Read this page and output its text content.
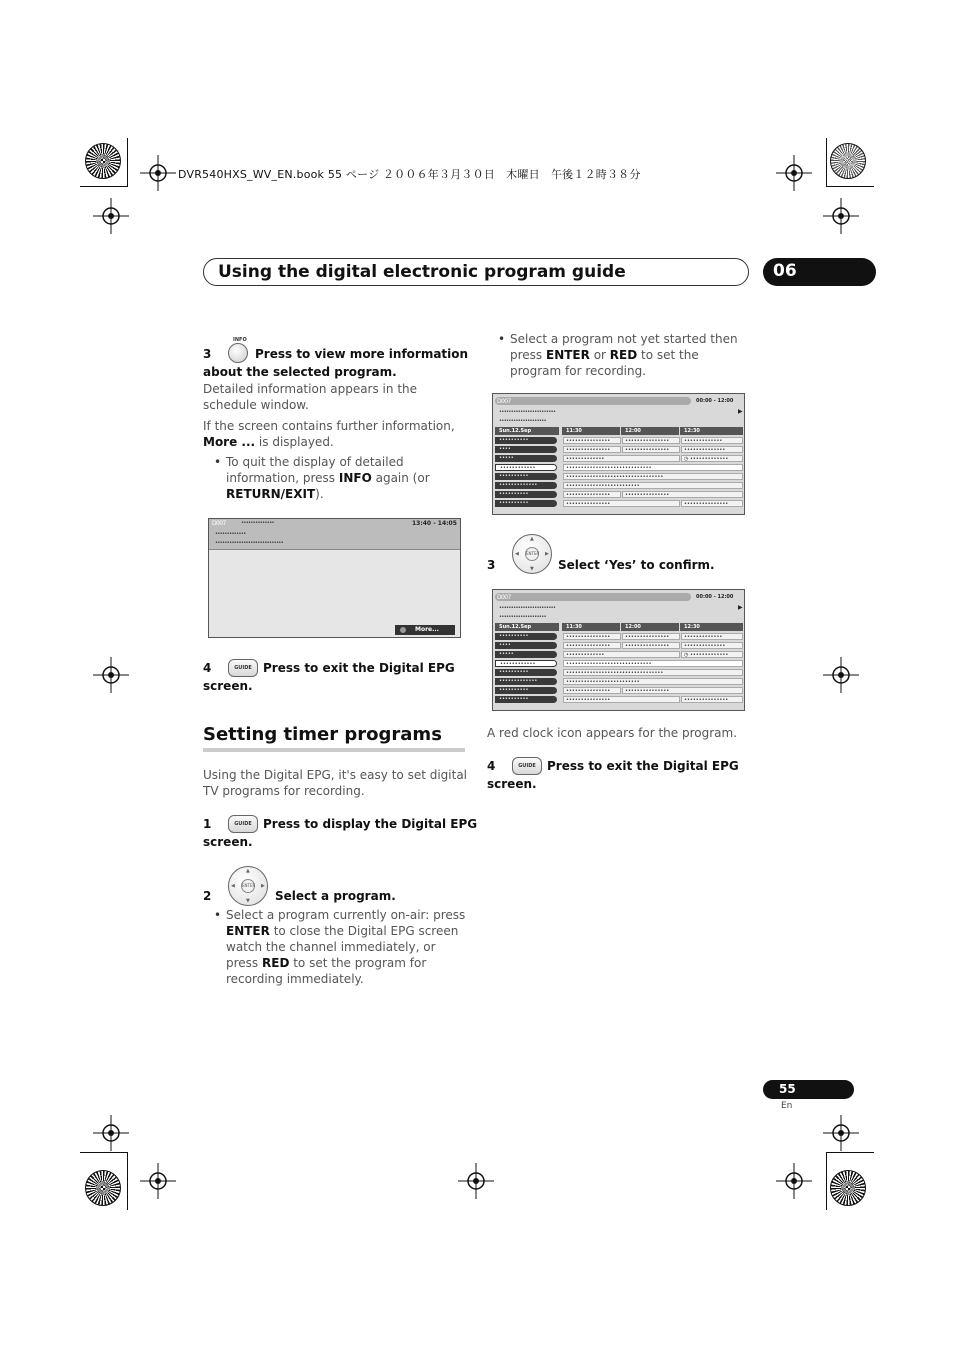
DVR540HXS_WV_EN.book 55 ページ ２００６年３月３０日　木曜日　午後１２時３８分
Using the digital electronic program guide	06
INFO
3	Press to view more information
about the selected program.
Detailed information appears in the schedule window.
If the screen contains further information,
More ... is displayed.
• To quit the display of detailed information, press INFO again (or RETURN/EXIT).
D007	••••••••••••••	13:40 - 14:05
•••••••••••••
•••••••••••••••••••••••••••••
More...
GUIDE
4	Press to exit the Digital EPG
screen.
Setting timer programs
Using the Digital EPG, it's easy to set digital TV programs for recording.
GUIDE
1	Press to display the Digital EPG
screen.
▲
▼
◀	▶
ENTER
2	Select a program.
• Select a program currently on-air: press ENTER to close the Digital EPG screen watch the channel immediately, or press RED to set the program for recording immediately.
• Select a program not yet started then press ENTER or RED to set the program for recording.
D007	00:00 - 12:00
••••••••••••••••••••••••
••••••••••••••••••••
▶
Sun.12.Sep	11:30	12:00	12:30
••••••••••	•••••••••••••••	•••••••••••••••	•••••••••••••
••••	•••••••••••••••	•••••••••••••••	••••••••••••••
•••••	•••••••••••••	◷ •••••••••••••
••••••••••••	•••••••••••••••••••••••••••••
••••••••••	•••••••••••••••••••••••••••••••••
•••••••••••••	•••••••••••••••••••••••••
••••••••••	•••••••••••••••	•••••••••••••••
••••••••••	•••••••••••••••	•••••••••••••••
▲
▼
◀	▶
ENTER
3	Select ‘Yes’ to confirm.
D007	00:00 - 12:00
••••••••••••••••••••••••
••••••••••••••••••••
▶
Sun.12.Sep	11:30	12:00	12:30
••••••••••	•••••••••••••••	•••••••••••••••	•••••••••••••
••••	•••••••••••••••	•••••••••••••••	••••••••••••••
•••••	•••••••••••••	◷ •••••••••••••
••••••••••••	•••••••••••••••••••••••••••••
••••••••••	•••••••••••••••••••••••••••••••••
•••••••••••••	•••••••••••••••••••••••••
••••••••••	•••••••••••••••	•••••••••••••••
••••••••••	•••••••••••••••	•••••••••••••••
A red clock icon appears for the program.
GUIDE
4	Press to exit the Digital EPG
screen.
55
En
